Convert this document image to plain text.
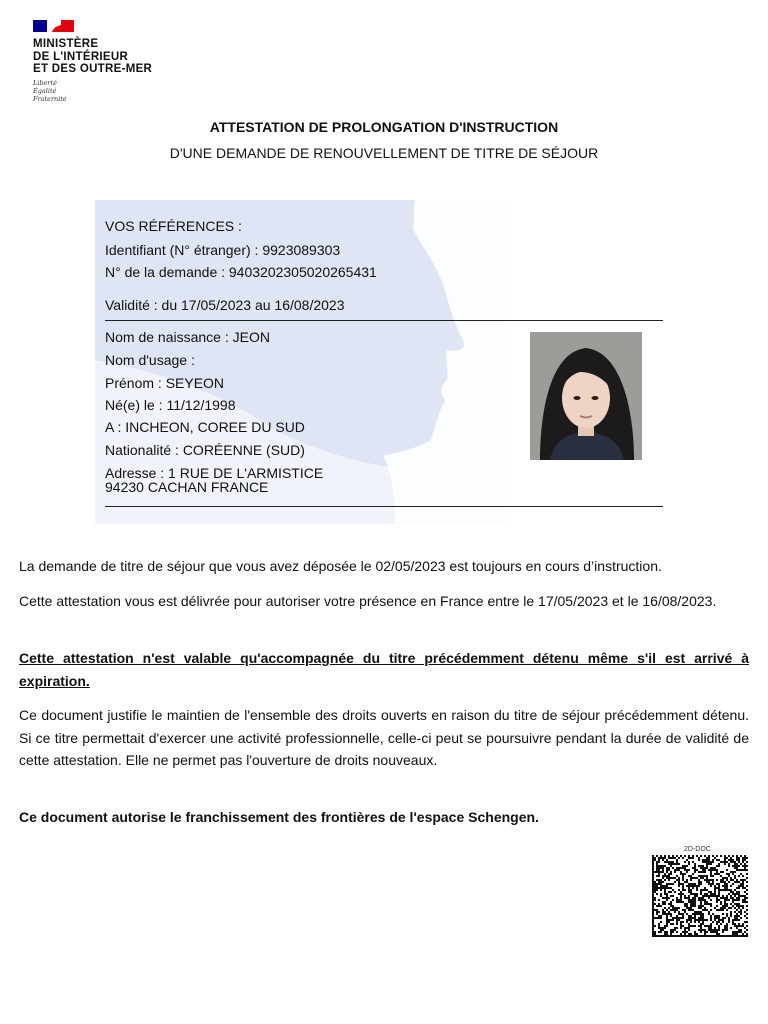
MINISTÈRE
DE L'INTÉRIEUR
ET DES OUTRE-MER
Liberté
Égalité
Fraternité
ATTESTATION DE PROLONGATION D'INSTRUCTION
D'UNE DEMANDE DE RENOUVELLEMENT DE TITRE DE SÉJOUR
VOS RÉFÉRENCES :
Identifiant (N° étranger) : 9923089303
N° de la demande : 9403202305020265431
Validité : du 17/05/2023 au 16/08/2023
Nom de naissance : JEON
Nom d'usage :
Prénom : SEYEON
Né(e) le : 11/12/1998
A : INCHEON, COREE DU SUD
Nationalité : CORÉENNE (SUD)
Adresse : 1 RUE DE L'ARMISTICE
94230 CACHAN FRANCE
La demande de titre de séjour que vous avez déposée le 02/05/2023 est toujours en cours d’instruction.
Cette attestation vous est délivrée pour autoriser votre présence en France entre le 17/05/2023 et le 16/08/2023.
Cette attestation n'est valable qu'accompagnée du titre précédemment détenu même s'il est arrivé à expiration.
Ce document justifie le maintien de l'ensemble des droits ouverts en raison du titre de séjour précédemment détenu. Si ce titre permettait d'exercer une activité professionnelle, celle-ci peut se poursuivre pendant la durée de validité de cette attestation. Elle ne permet pas l'ouverture de droits nouveaux.
Ce document autorise le franchissement des frontières de l'espace Schengen.
2D-DOC
